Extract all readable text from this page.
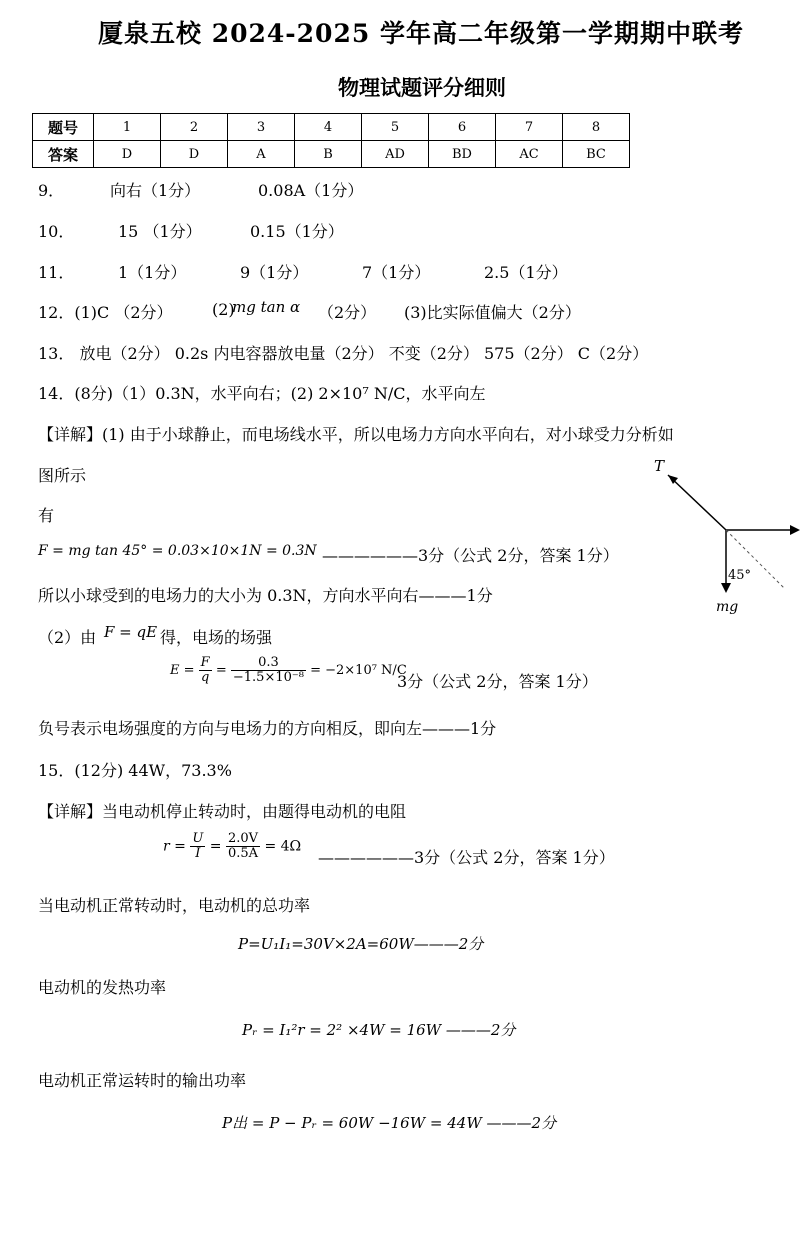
厦泉五校 2024-2025 学年高二年级第一学期期中联考
物理试题评分细则
题号	1	2	3	4	5	6	7	8
答案	D	D	A	B	AD	BD	AC	BC
9．	向右（1分）	0.08A（1分）
10．	15 （1分）	0.15（1分）
11．	1（1分）	9（1分）	7（1分）	2.5（1分）
12．(1)C （2分） (2)
mg tan α （2分） (3)比实际值偏大（2分）
13． 放电（2分） 0.2s 内电容器放电量（2分） 不变（2分） 575（2分） C（2分）
14．(8分)（1）0.3N，水平向右；(2) 2×10⁷ N/C，水平向左
【详解】(1) 由于小球静止，而电场线水平，所以电场力方向水平向右，对小球受力分析如
图所示
有
F = mg tan 45° = 0.03×10×1N = 0.3N ——————3分（公式 2分，答案 1分）
所以小球受到的电场力的大小为 0.3N，方向水平向右———1分
（2）由 F = qE 得，电场的场强
$E = \frac{F}{q} = \frac{0.3}{\text{−1.5×10⁻⁸}} = -2\times 10^7$ N/C
3分（公式 2分，答案 1分）
负号表示电场强度的方向与电场力的方向相反，即向左———1分
T
45°
mg
15．(12分) 44W，73.3%
【详解】当电动机停止转动时，由题得电动机的电阻
$r = \frac{U}{I} = \frac{2.0V}{0.5A} = 4\Omega$
——————3分（公式 2分，答案 1分）
当电动机正常转动时，电动机的总功率
P=U₁I₁=30V×2A=60W———2分
电动机的发热功率
Pᵣ = I₁²r = 2² ×4W = 16W ———2分
电动机正常运转时的输出功率
P出 = P − Pᵣ = 60W −16W = 44W ———2分
